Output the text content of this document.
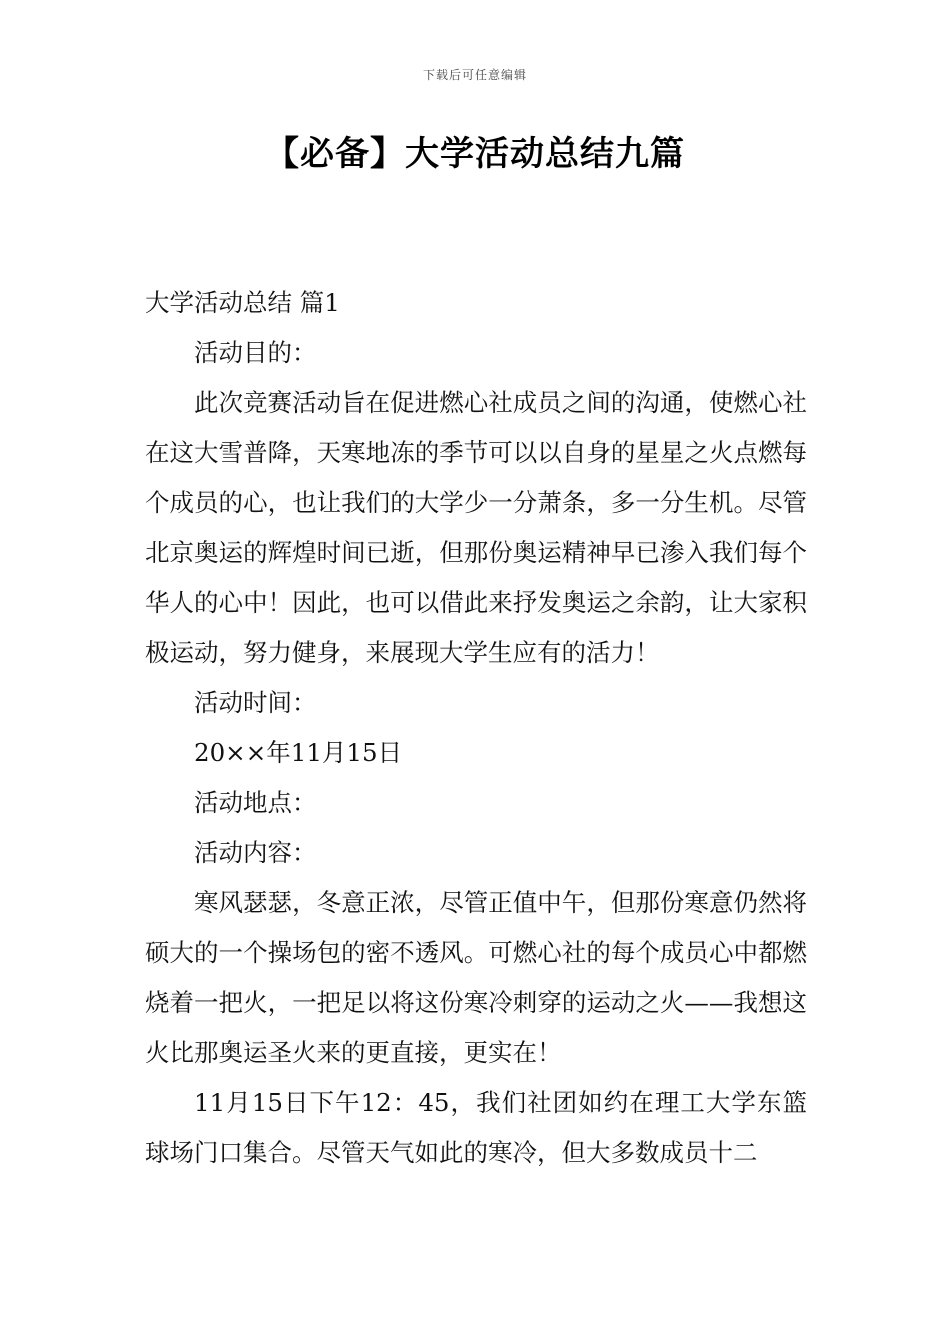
下载后可任意编辑
【必备】大学活动总结九篇

大学活动总结 篇1

活动目的：

此次竞赛活动旨在促进燃心社成员之间的沟通，使燃心社在这大雪普降，天寒地冻的季节可以以自身的星星之火点燃每个成员的心，也让我们的大学少一分萧条，多一分生机。尽管北京奥运的辉煌时间已逝，但那份奥运精神早已渗入我们每个华人的心中！因此，也可以借此来抒发奥运之余韵，让大家积极运动，努力健身，来展现大学生应有的活力！

活动时间：

20××年11月15日

活动地点：

活动内容：

寒风瑟瑟，冬意正浓，尽管正值中午，但那份寒意仍然将硕大的一个操场包的密不透风。可燃心社的每个成员心中都燃烧着一把火，一把足以将这份寒冷刺穿的运动之火——我想这火比那奥运圣火来的更直接，更实在！

11月15日下午12：45，我们社团如约在理工大学东篮球场门口集合。尽管天气如此的寒冷，但大多数成员十二
